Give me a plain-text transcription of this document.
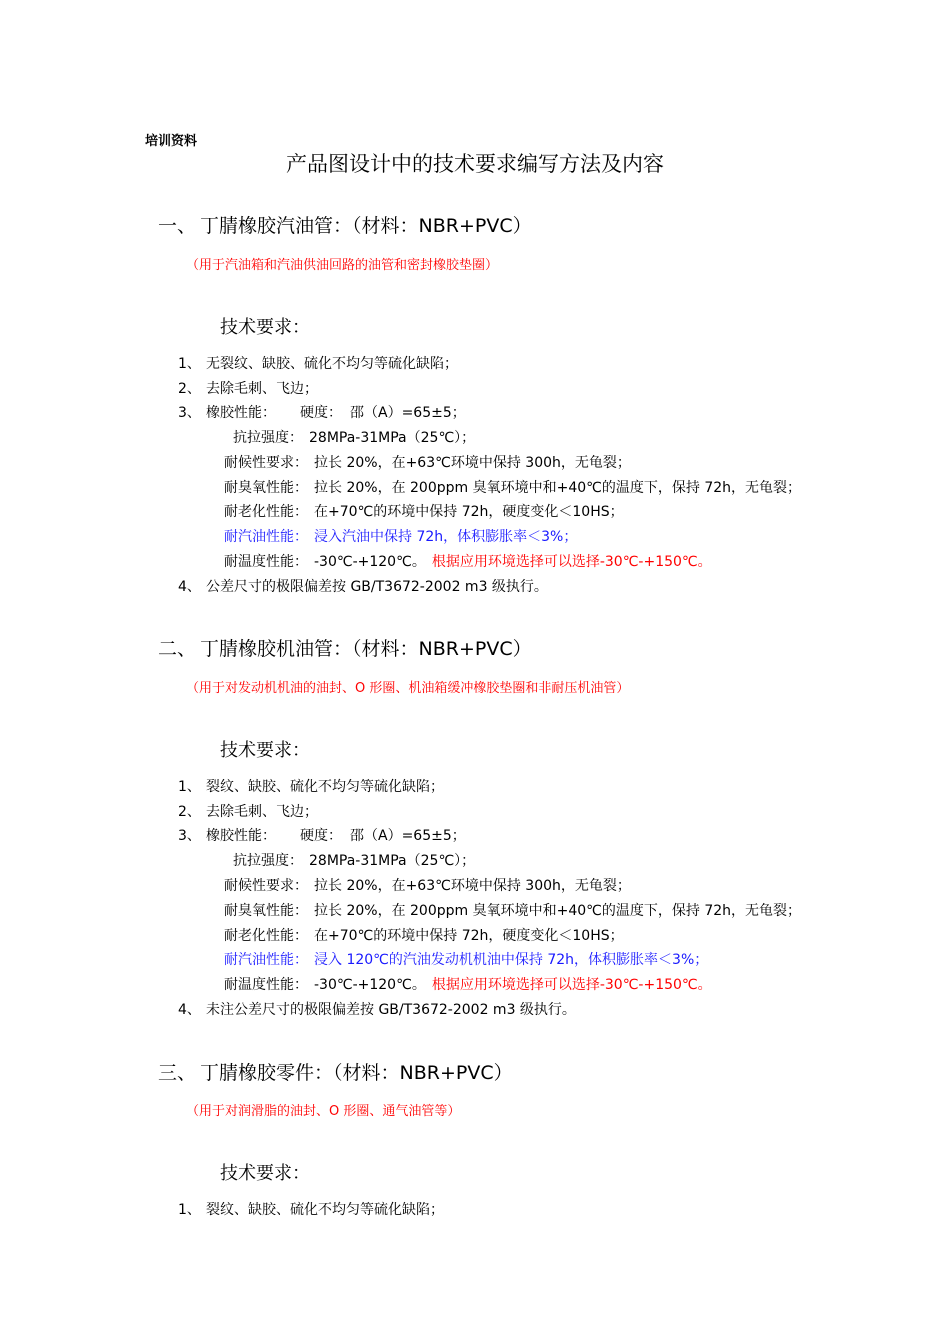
培训资料
产品图设计中的技术要求编写方法及内容
一、 丁腈橡胶汽油管：（材料：NBR+PVC）
（用于汽油箱和汽油供油回路的油管和密封橡胶垫圈）
技术要求：
1、 无裂纹、缺胶、硫化不均匀等硫化缺陷；
2、 去除毛刺、飞边；
3、 橡胶性能： 硬度： 邵（A）=65±5；
抗拉强度： 28MPa-31MPa（25℃）；
耐候性要求： 拉长 20%，在+63℃环境中保持 300h，无龟裂；
耐臭氧性能： 拉长 20%，在 200ppm 臭氧环境中和+40℃的温度下，保持 72h，无龟裂；
耐老化性能： 在+70℃的环境中保持 72h，硬度变化＜10HS；
耐汽油性能： 浸入汽油中保持 72h，体积膨胀率＜3%；
耐温度性能： -30℃-+120℃。 根据应用环境选择可以选择-30℃-+150℃。
4、 公差尺寸的极限偏差按 GB/T3672-2002 m3 级执行。
二、 丁腈橡胶机油管：（材料：NBR+PVC）
（用于对发动机机油的油封、O 形圈、机油箱缓冲橡胶垫圈和非耐压机油管）
技术要求：
1、 裂纹、缺胶、硫化不均匀等硫化缺陷；
2、 去除毛刺、飞边；
3、 橡胶性能： 硬度： 邵（A）=65±5；
抗拉强度： 28MPa-31MPa（25℃）；
耐候性要求： 拉长 20%，在+63℃环境中保持 300h，无龟裂；
耐臭氧性能： 拉长 20%，在 200ppm 臭氧环境中和+40℃的温度下，保持 72h，无龟裂；
耐老化性能： 在+70℃的环境中保持 72h，硬度变化＜10HS；
耐汽油性能： 浸入 120℃的汽油发动机机油中保持 72h，体积膨胀率＜3%；
耐温度性能： -30℃-+120℃。 根据应用环境选择可以选择-30℃-+150℃。
4、 未注公差尺寸的极限偏差按 GB/T3672-2002 m3 级执行。
三、 丁腈橡胶零件：（材料：NBR+PVC）
（用于对润滑脂的油封、O 形圈、通气油管等）
技术要求：
1、 裂纹、缺胶、硫化不均匀等硫化缺陷；
